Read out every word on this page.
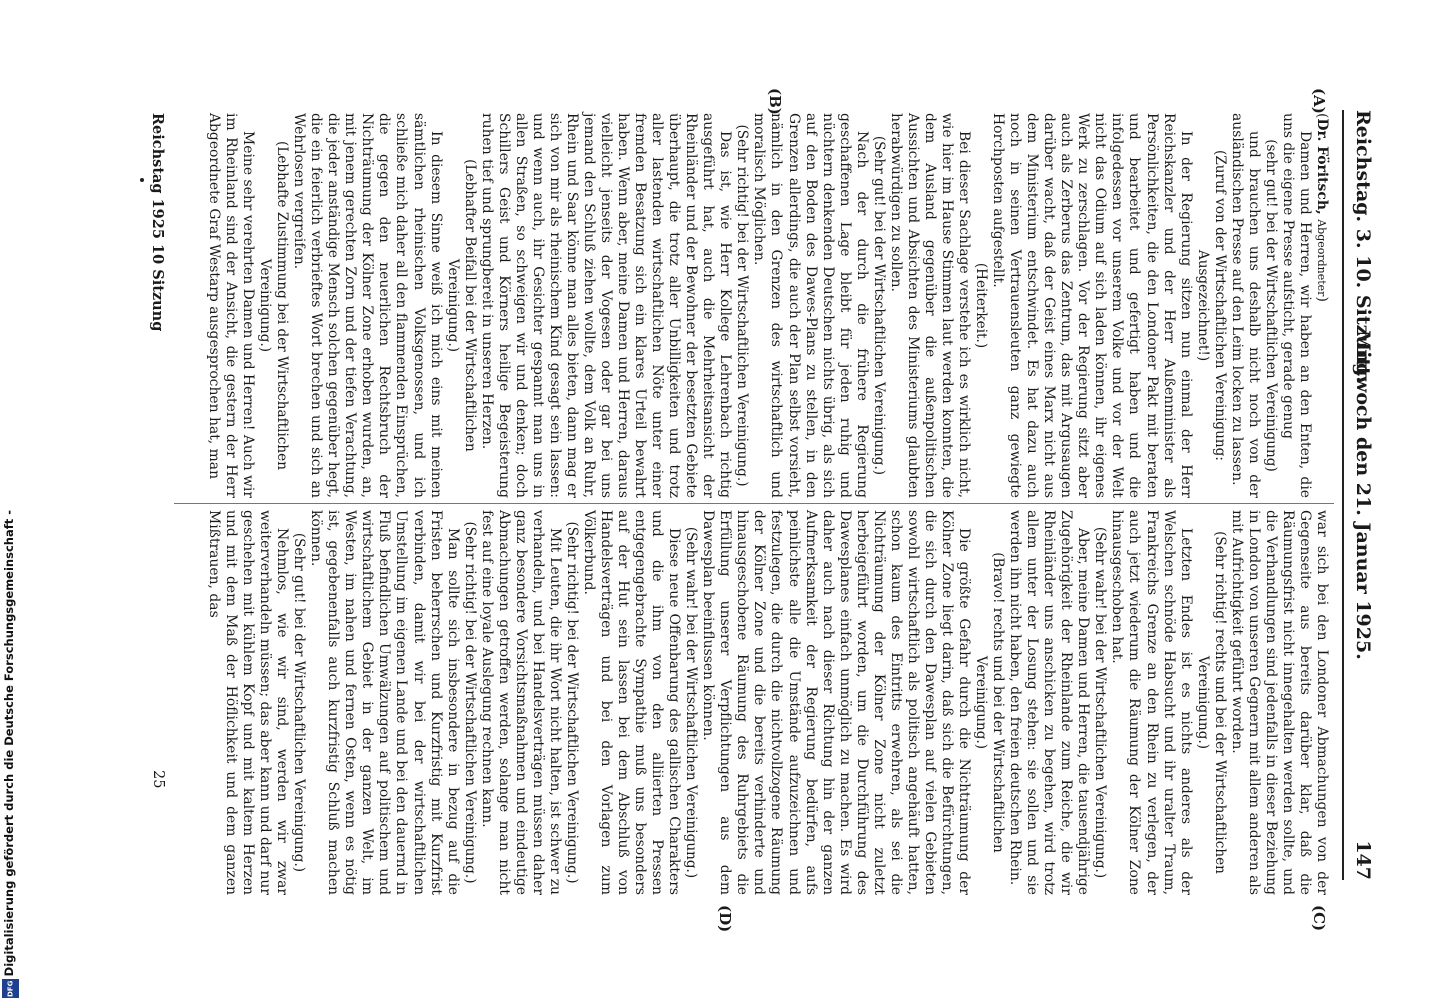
Reichstag. 3. 10. Sitzung.
Mittwoch den 21. Januar 1925.
147
(A)
(B)
(C)
(D)

(Dr. Föritsch, Abgeordneter)

Damen und Herren, wir haben an den Enten, die uns die eigene Presse aufsticht, gerade genug

(sehr gut! bei der Wirtschaftlichen Vereinigung)

und brauchen uns deshalb nicht noch von der ausländischen Presse auf den Leim locken zu lassen.

(Zuruf von der Wirtschaftlichen Vereinigung: Ausgezeichnet!)

In der Regierung sitzen nun einmal der Herr Reichskanzler und der Herr Außenminister als Persönlichkeiten, die den Londoner Pakt mit beraten und bearbeitet und gefertigt haben und die infolgedessen vor unserem Volke und vor der Welt nicht das Odium auf sich laden können, ihr eigenes Werk zu zerschlagen. Vor der Regierung sitzt aber auch als Zerberus das Zentrum, das mit Argusaugen darüber wacht, daß der Geist eines Marx nicht aus dem Ministerium entschwindet. Es hat dazu auch noch in seinen Vertrauensleuten ganz gewiegte Horchposten aufgestellt.

(Heiterkeit.)

Bei dieser Sachlage verstehe ich es wirklich nicht, wie hier im Hause Stimmen laut werden konnten, die dem Ausland gegenüber die außenpolitischen Aussichten und Absichten des Ministeriums glaubten herabwürdigen zu sollen.

(Sehr gut! bei der Wirtschaftlichen Vereinigung.)

Nach der durch die frühere Regierung geschaffenen Lage bleibt für jeden ruhig und nüchtern denkenden Deutschen nichts übrig, als sich auf den Boden des Dawes-Plans zu stellen, in den Grenzen allerdings, die auch der Plan selbst vorsieht, nämlich in den Grenzen des wirtschaftlich und moralisch Möglichen.

(Sehr richtig! bei der Wirtschaftlichen Vereinigung.)

Das ist, wie Herr Kollege Lehrenbach richtig ausgeführt hat, auch die Mehrheitsansicht der Rheinländer und der Bewohner der besetzten Gebiete überhaupt, die trotz aller Unbilligkeiten und trotz aller lastenden wirtschaftlichen Nöte unter einer fremden Besatzung sich ein klares Urteil bewahrt haben. Wenn aber, meine Damen und Herren, daraus vielleicht jenseits der Vogesen oder gar bei uns jemand den Schluß ziehen wollte, dem Volk an Ruhr, Rhein und Saar könne man alles bieten, dann mag er sich von mir als rheinischem Kind gesagt sein lassen: und wenn auch, ihr Gesichter gespannt man uns in allen Straßen, so schweigen wir und denken; doch Schillers Geist und Körners heilige Begeisterung ruhen tief und sprungbereit in unseren Herzen.

(Lebhafter Beifall bei der Wirtschaftlichen Vereinigung.)

In diesem Sinne weiß ich mich eins mit meinen sämtlichen rheinischen Volksgenossen, und ich schließe mich daher all den flammenden Einsprüchen, die gegen den neuerlichen Rechtsbruch der Nichträumung der Kölner Zone erhoben wurden, an, mit jenem gerechten Zorn und der tiefen Verachtung, die jeder anständige Mensch solchen gegenüber hegt, die ein feierlich verbrieftes Wort brechen und sich an Wehrlosen vergreifen.

(Lebhafte Zustimmung bei der Wirtschaftlichen Vereinigung.)

Meine sehr verehrten Damen und Herren! Auch wir im Rheinland sind der Ansicht, die gestern der Herr Abgeordnete Graf Westarp ausgesprochen hat, man

war sich bei den Londoner Abmachungen von der Gegenseite aus bereits darüber klar, daß die Räumungsfrist nicht innegehalten werden sollte, und die Verhandlungen sind jedenfalls in dieser Beziehung in London von unseren Gegnern mit allem anderen als mit Aufrichtigkeit geführt worden.

(Sehr richtig! rechts und bei der Wirtschaftlichen Vereinigung.)

Letzten Endes ist es nichts anderes als der Welschen schnöde Habsucht und ihr uralter Traum, Frankreichs Grenze an den Rhein zu verlegen, der auch jetzt wiederum die Räumung der Kölner Zone hinausgeschoben hat.

(Sehr wahr! bei der Wirtschaftlichen Vereinigung.)

Aber, meine Damen und Herren, die tausendjährige Zugehörigkeit der Rheinlande zum Reiche, die wir Rheinländer uns anschicken zu begehen, wird trotz allem unter der Losung stehen: sie sollen und sie werden ihn nicht haben, den freien deutschen Rhein.

(Bravo! rechts und bei der Wirtschaftlichen Vereinigung.)

Die größte Gefahr durch die Nichträumung der Kölner Zone liegt darin, daß sich die Befürchtungen, die sich durch den Dawesplan auf vielen Gebieten sowohl wirtschaftlich als politisch angehäuft hatten, schon kaum des Eintritts erwehren, als sei die Nichträumung der Kölner Zone nicht zuletzt herbeigeführt worden, um die Durchführung des Dawesplanes einfach unmöglich zu machen. Es wird daher auch nach dieser Richtung hin der ganzen Aufmerksamkeit der Regierung bedürfen, aufs peinlichste alle die Umstände aufzuzeichnen und festzulegen, die durch die nichtvollzogene Räumung der Kölner Zone und die bereits verhinderte und hinausgeschobene Räumung des Ruhrgebiets die Erfüllung unserer Verpflichtungen aus dem Dawesplan beeinflussen können.

(Sehr wahr! bei der Wirtschaftlichen Vereinigung.)

Diese neue Offenbarung des gallischen Charakters und die ihm von den alliierten Pressen entgegengebrachte Sympathie muß uns besonders auf der Hut sein lassen bei dem Abschluß von Handelsverträgen und bei den Vorlagen zum Völkerbund.

(Sehr richtig! bei der Wirtschaftlichen Vereinigung.)

Mit Leuten, die ihr Wort nicht halten, ist schwer zu verhandeln, und bei Handelsverträgen müssen daher ganz besondere Vorsichtsmaßnahmen und eindeutige Abmachungen getroffen werden, solange man nicht fest auf eine loyale Auslegung rechnen kann.

(Sehr richtig! bei der Wirtschaftlichen Vereinigung.)

Man sollte sich insbesondere in bezug auf die Fristen beherrschen und Kurzfristig mit Kurzfrist verbinden, damit wir bei der wirtschaftlichen Umstellung im eigenen Lande und bei den dauernd in Fluß befindlichen Umwälzungen auf politischem und wirtschaftlichem Gebiet in der ganzen Welt, im Westen, im nahen und fernen Osten, wenn es nötig ist, gegebenenfalls auch kurzfristig Schluß machen können.

(Sehr gut! bei der Wirtschaftlichen Vereinigung.)

Nehmlos, wie wir sind, werden wir zwar weiterverhandeln müssen; das aber kann und darf nur geschehen mit kühlem Kopf und mit kaltem Herzen und mit dem Maß der Höflichkeit und dem ganzen Mißtrauen, das

Reichstag 1925 10 Sitzung
25
Digitalisierung gefördert durch die Deutsche Forschungsgemeinschaft -
DFG
